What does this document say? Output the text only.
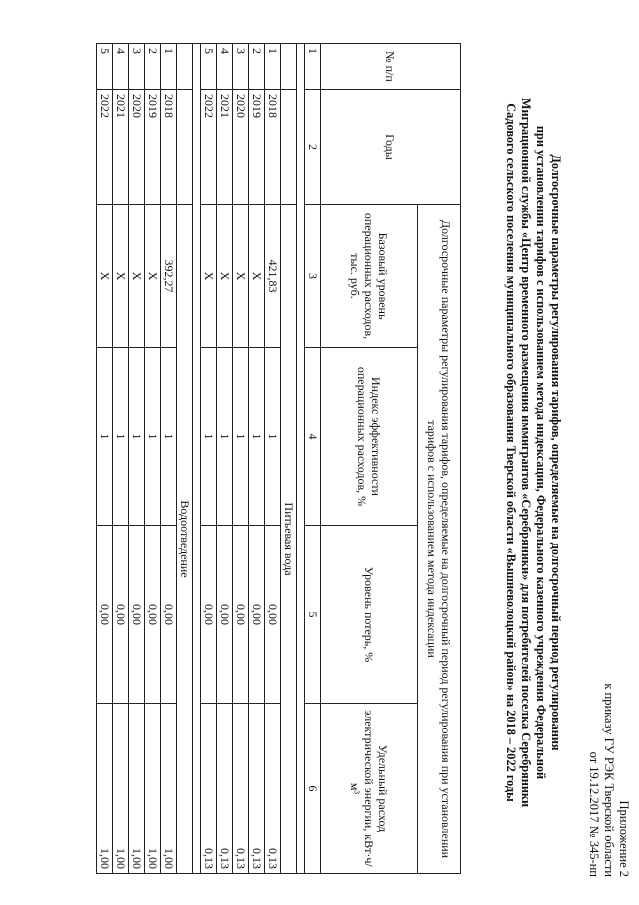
Приложение 2
к приказу ГУ РЭК Тверской области
от 19.12.2017 № 345-нп
Долгосрочные параметры регулирования тарифов, определяемые на долгосрочный период регулирования
при установлении тарифов с использованием метода индексации, Федерального казенного учреждения Федеральной
Миграционной службы «Центр временного размещения иммигрантов «Серебряники» для потребителей поселка Серебряники
Садового сельского поселения муниципального образования Тверской области «Вышневолоцкий район» на 2018 – 2022 годы
№ п/п	Годы	Долгосрочные параметры регулирования тарифов, определяемые на долгосрочный период регулирования при установлении тарифов с использованием метода индексации			
		Базовый уровень операционных расходов, тыс. руб.	Индекс эффективности операционных расходов, %	Уровень потерь, %	Удельный расход электрической энергии, кВт·ч/м³
1	2	3	4	5	6

		Питьевая вода			
1	2018	421,83	1	0,00	0,13
2	2019	Х	1	0,00	0,13
3	2020	Х	1	0,00	0,13
4	2021	Х	1	0,00	0,13
5	2022	Х	1	0,00	0,13

		Водоотведение			
1	2018	392,27	1	0,00	1,00
2	2019	Х	1	0,00	1,00
3	2020	Х	1	0,00	1,00
4	2021	Х	1	0,00	1,00
5	2022	Х	1	0,00	1,00
